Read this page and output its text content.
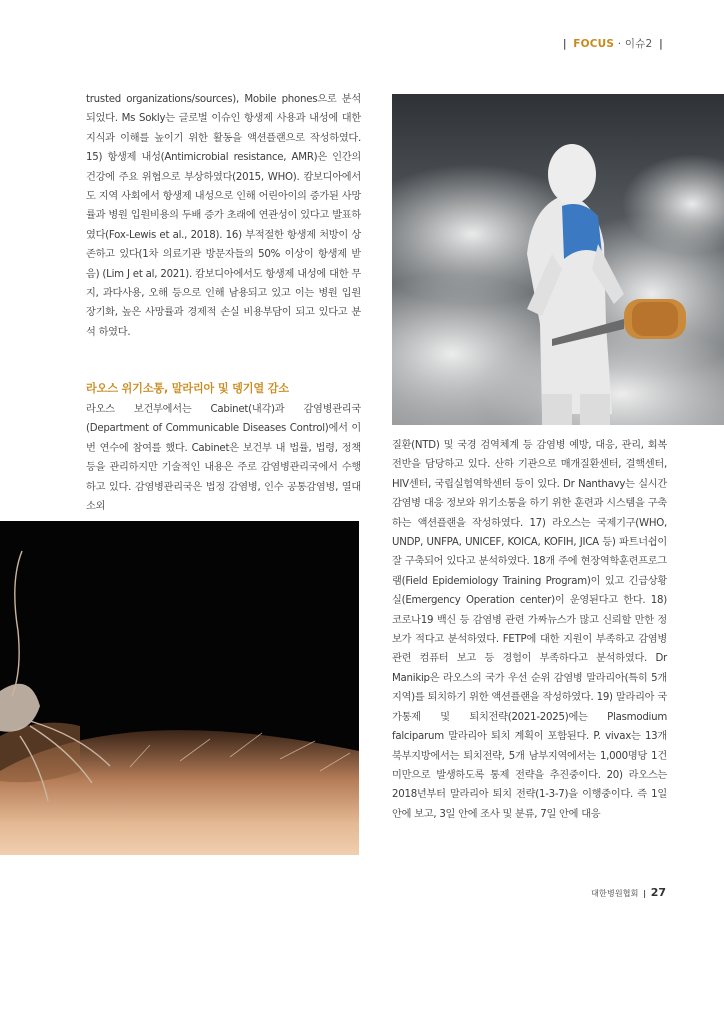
| FOCUS · 이슈2 |

trusted organizations/sources), Mobile phones으로 분석되었다. Ms Sokly는 글로벌 이슈인 항생제 사용과 내성에 대한 지식과 이해를 높이기 위한 활동을 액션플랜으로 작성하였다. 15) 항생제 내성(Antimicrobial resistance, AMR)은 인간의 건강에 주요 위협으로 부상하였다(2015, WHO). 캄보디아에서도 지역 사회에서 항생제 내성으로 인해 어린아이의 증가된 사망률과 병원 입원비용의 두배 증가 초래에 연관성이 있다고 발표하였다(Fox-Lewis et al., 2018). 16) 부적절한 항생제 처방이 상존하고 있다(1차 의료기관 방문자들의 50% 이상이 항생제 받음) (Lim J et al, 2021). 캄보디아에서도 항생제 내성에 대한 무지, 과다사용, 오해 등으로 인해 남용되고 있고 이는 병원 입원 장기화, 높은 사망률과 경제적 손실 비용부담이 되고 있다고 분석 하였다.

라오스 위기소통, 말라리아 및 뎅기열 감소

라오스 보건부에서는 Cabinet(내각)과 감염병관리국(Department of Communicable Diseases Control)에서 이번 연수에 참여를 했다. Cabinet은 보건부 내 법률, 법령, 정책 등을 관리하지만 기술적인 내용은 주로 감염병관리국에서 수행하고 있다. 감염병관리국은 법정 감염병, 인수 공통감염병, 열대 소외

질환(NTD) 및 국경 검역체계 등 감염병 예방, 대응, 관리, 회복 전반을 담당하고 있다. 산하 기관으로 매개질환센터, 결핵센터, HIV센터, 국립실험역학센터 등이 있다. Dr Nanthavy는 실시간 감염병 대응 정보와 위기소통을 하기 위한 훈련과 시스템을 구축하는 액션플랜을 작성하였다. 17) 라오스는 국제기구(WHO, UNDP, UNFPA, UNICEF, KOICA, KOFIH, JICA 등) 파트너쉽이 잘 구축되어 있다고 분석하였다. 18개 주에 현장역학훈련프로그램(Field Epidemiology Training Program)이 있고 긴급상황실(Emergency Operation center)이 운영된다고 한다. 18) 코로나19 백신 등 감염병 관련 가짜뉴스가 많고 신뢰할 만한 정보가 적다고 분석하였다. FETP에 대한 지원이 부족하고 감염병 관련 컴퓨터 보고 등 경험이 부족하다고 분석하였다. Dr Manikip은 라오스의 국가 우선 순위 감염병 말라리아(특히 5개 지역)를 퇴치하기 위한 액션플랜을 작성하였다. 19) 말라리아 국가통제 및 퇴치전략(2021-2025)에는 Plasmodium falciparum 말라리아 퇴치 계획이 포함된다. P. vivax는 13개 북부지방에서는 퇴치전략, 5개 남부지역에서는 1,000명당 1건 미만으로 발생하도록 통제 전략을 추진중이다. 20) 라오스는 2018년부터 말라리아 퇴치 전략(1-3-7)을 이행중이다. 즉 1일 안에 보고, 3일 안에 조사 및 분류, 7일 안에 대응

대한병원협회 | 27
